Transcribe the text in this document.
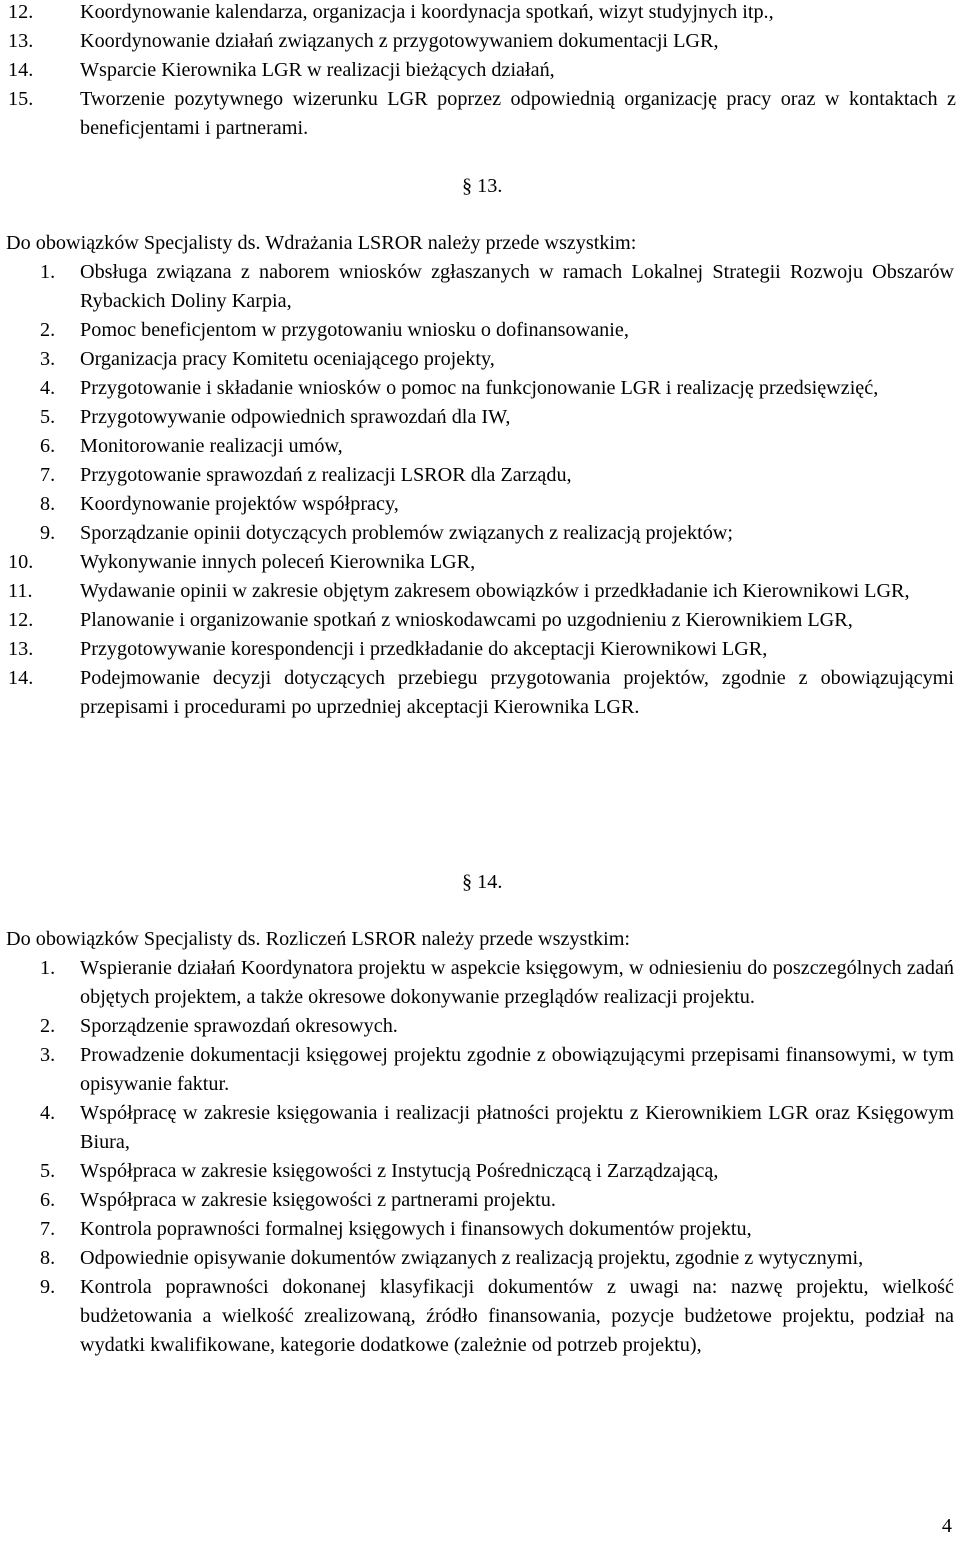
12. Koordynowanie kalendarza, organizacja i koordynacja spotkań, wizyt studyjnych itp.,
13. Koordynowanie działań związanych z przygotowywaniem dokumentacji LGR,
14. Wsparcie Kierownika LGR w realizacji bieżących działań,
15. Tworzenie pozytywnego wizerunku LGR poprzez odpowiednią organizację pracy oraz w kontaktach z beneficjentami i partnerami.
§ 13.
Do obowiązków Specjalisty ds. Wdrażania LSROR należy przede wszystkim:
1. Obsługa związana z naborem wniosków zgłaszanych w ramach Lokalnej Strategii Rozwoju Obszarów Rybackich Doliny Karpia,
2. Pomoc beneficjentom w przygotowaniu wniosku o dofinansowanie,
3. Organizacja pracy Komitetu oceniającego projekty,
4. Przygotowanie i składanie wniosków o pomoc na funkcjonowanie LGR i realizację przedsięwzięć,
5. Przygotowywanie odpowiednich sprawozdań dla IW,
6. Monitorowanie realizacji umów,
7. Przygotowanie sprawozdań z realizacji LSROR dla Zarządu,
8. Koordynowanie projektów współpracy,
9. Sporządzanie opinii dotyczących problemów związanych z realizacją projektów;
10. Wykonywanie innych poleceń Kierownika LGR,
11. Wydawanie opinii w zakresie objętym zakresem obowiązków i przedkładanie ich Kierownikowi LGR,
12. Planowanie i organizowanie spotkań z wnioskodawcami po uzgodnieniu z Kierownikiem LGR,
13. Przygotowywanie korespondencji i przedkładanie do akceptacji Kierownikowi LGR,
14. Podejmowanie decyzji dotyczących przebiegu przygotowania projektów, zgodnie z obowiązującymi przepisami i procedurami po uprzedniej akceptacji Kierownika LGR.
§ 14.
Do obowiązków Specjalisty ds. Rozliczeń LSROR należy przede wszystkim:
1. Wspieranie działań Koordynatora projektu w aspekcie księgowym, w odniesieniu do poszczególnych zadań objętych projektem, a także okresowe dokonywanie przeglądów realizacji projektu.
2. Sporządzenie sprawozdań okresowych.
3. Prowadzenie dokumentacji księgowej projektu zgodnie z obowiązującymi przepisami finansowymi, w tym opisywanie faktur.
4. Współpracę w zakresie księgowania i realizacji płatności projektu z Kierownikiem LGR oraz Księgowym Biura,
5. Współpraca w zakresie księgowości z Instytucją Pośredniczącą i Zarządzającą,
6. Współpraca w zakresie księgowości z partnerami projektu.
7. Kontrola poprawności formalnej księgowych i finansowych dokumentów projektu,
8. Odpowiednie opisywanie dokumentów związanych z realizacją projektu, zgodnie z wytycznymi,
9. Kontrola poprawności dokonanej klasyfikacji dokumentów z uwagi na: nazwę projektu, wielkość budżetowania a wielkość zrealizowaną, źródło finansowania, pozycje budżetowe projektu, podział na wydatki kwalifikowane, kategorie dodatkowe (zależnie od potrzeb projektu),
4
